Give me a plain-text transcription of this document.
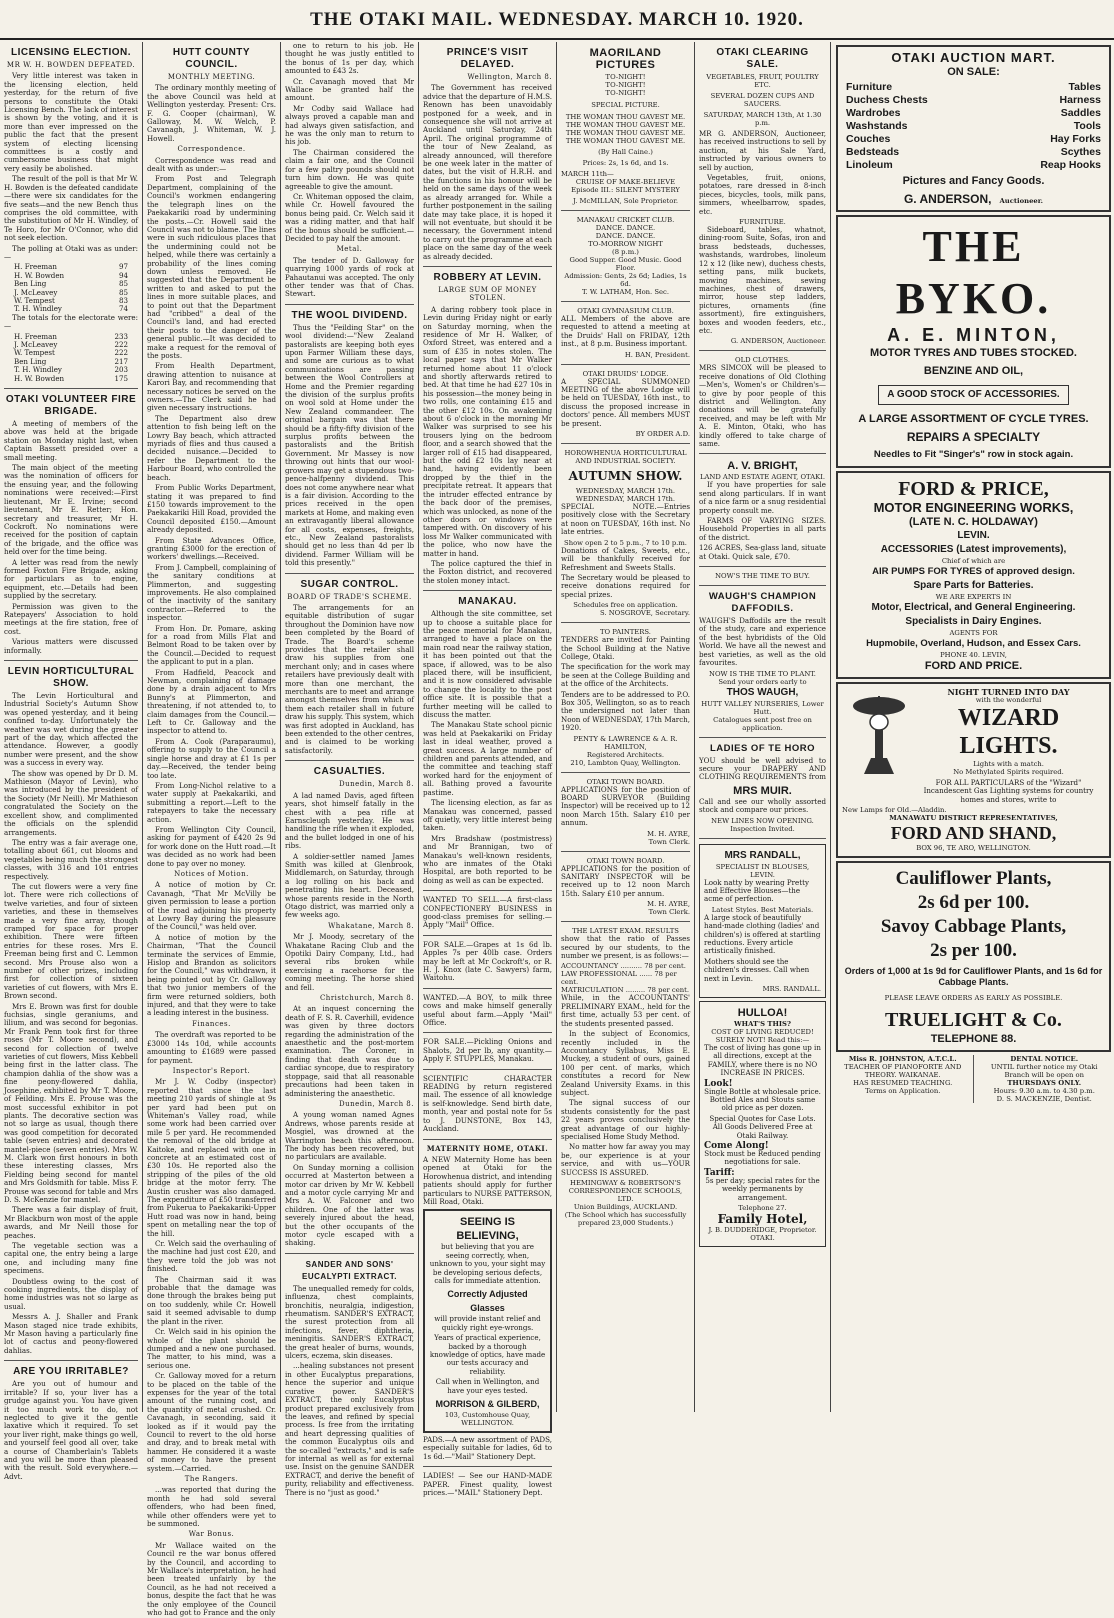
THE OTAKI MAIL. WEDNESDAY. MARCH 10. 1920.
LICENSING ELECTION.
MR W. H. BOWDEN DEFEATED.

Very little interest was taken in the licensing election, held yesterday, for the return of five persons to constitute the Otaki Licensing Bench. The lack of interest is shown by the voting, and it is more than ever impressed on the public the fact that the present system of electing licensing committees is a costly and cumbersome business that might very easily be abolished.

The result of the poll is that Mr W. H. Bowden is the defeated candidate—there were six candidates for the five seats—and the new Bench thus comprises the old committee, with the substitution of Mr H. Windley, of Te Horo, for Mr O'Connor, who did not seek election.

The polling at Otaki was as under:—

H. Freeman	97
H. W. Bowden	94
Ben Ling	85
J. McLeavey	85
W. Tempest	83
T. H. Windley	74

The totals for the electorate were:—

H. Freeman	233
J. McLeavey	222
W. Tempest	222
Ben Ling	217
T. H. Windley	203
H. W. Bowden	175
OTAKI VOLUNTEER FIRE BRIGADE.

A meeting of members of the above was held at the brigade station on Monday night last, when Captain Bassett presided over a small meeting.

The main object of the meeting was the nomination of officers for the ensuing year, and the following nominations were received:—First lieutenant, Mr E. Irvine; second lieutenant, Mr E. Retter; Hon. secretary and treasurer, Mr H. Cockroft. No nominations were received for the position of captain of the brigade, and the office was held over for the time being.

A letter was read from the newly formed Foxton Fire Brigade, asking for particulars as to engine, equipment, etc.—Details had been supplied by the secretary.

Permission was given to the Ratepayers' Association to hold meetings at the fire station, free of cost.

Various matters were discussed informally.

LEVIN HORTICULTURAL SHOW.

The Levin Horticultural and Industrial Society's Autumn Show was opened yesterday, and it being confined to-day. Unfortunately the weather was wet during the greater part of the day, which affected the attendance. However, a goodly number were present, and the show was a success in every way.

The show was opened by Dr D. M. Mathieson (Mayor of Levin), who was introduced by the president of the Society (Mr Neill). Mr Mathieson congratulated the Society on the excellent show, and complimented the officials on the splendid arrangements.

The entry was a fair average one, totalling about 661, cut blooms and vegetables being much the strongest classes, with 316 and 101 entries respectively.

The cut flowers were a very fine lot. There were rich collections of twelve varieties, and four of sixteen varieties, and these in themselves made a very fine array, though cramped for space for proper exhibition. There were fifteen entries for these roses. Mrs E. Freeman being first and C. Lemmon second. Mrs Prouse also won a number of other prizes, including first for collection of sixteen varieties of cut flowers, with Mrs E. Brown second.

Mrs E. Brown was first for double fuchsias, single geraniums, and lilium, and was second for begonias. Mr Frank Penn took first for three roses (Mr T. Moore second), and second for collection of twelve varieties of cut flowers, Miss Kebbell being first in the latter class. The champion dahlia of the show was a fine peony-flowered dahlia, Josephine, exhibited by Mr T. Moore, of Feilding. Mrs E. Prouse was the most successful exhibitor in pot plants. The decorative section was not so large as usual, though there was good competition for decorated table (seven entries) and decorated mantel-piece (seven entries). Mrs W. M. Clark won first honours in both these interesting classes, Mrs Fielding being second for mantel and Mrs Goldsmith for table. Miss F. Prouse was second for table and Mrs D. S. McKenzie for mantel.

There was a fair display of fruit, Mr Blackburn won most of the apple awards, and Mr Neill those for peaches.

The vegetable section was a capital one, the entry being a large one, and including many fine specimens.

Doubtless owing to the cost of cooking ingredients, the display of home industries was not so large as usual.

Messrs A. J. Shaller and Frank Mason staged nice trade exhibits, Mr Mason having a particularly fine lot of cactus and peony-flowered dahlias.

ARE YOU IRRITABLE?

Are you out of humour and irritable? If so, your liver has a grudge against you. You have given it too much work to do, not neglected to give it the gentle laxative which it required. To set your liver right, make things go well, and yourself feel good all over, take a course of Chamberlain's Tablets and you will be more than pleased with the result. Sold everywhere.—Advt.

HUTT COUNTY COUNCIL.
MONTHLY MEETING.

The ordinary monthly meeting of the above Council was held at Wellington yesterday. Present: Crs. F. G. Cooper (chairman), W. Galloway, M. W. Welch, P. Cavanagh, J. Whiteman, W. J. Howell.

Correspondence.

Correspondence was read and dealt with as under:—

From Post and Telegraph Department, complaining of the Council's workmen endangering the telegraph lines on the Paekakariki road by undermining the posts.—Cr. Howell said the Council was not to blame. The lines were in such ridiculous places that the undermining could not be helped, while there was certainly a probability of the lines coming down unless removed. He suggested that the Department be written to and asked to put the lines in more suitable places, and to point out that the Department had "cribbed" a deal of the Council's land, and had erected their posts to the danger of the general public.—It was decided to make a request for the removal of the posts.

From Health Department, drawing attention to nuisance at Karori Bay, and recommending that necessary notices be served on the owners.—The Clerk said he had given necessary instructions.

The Department also drew attention to fish being left on the Lowry Bay beach, which attracted myriads of flies and thus caused a decided nuisance.—Decided to refer the Department to the Harbour Board, who controlled the beach.

From Public Works Department, stating it was prepared to find £150 towards improvement to the Paekakariki Hill Road, provided the Council deposited £150.—Amount already deposited.

From State Advances Office, granting £3000 for the erection of workers' dwellings.—Received.

From J. Campbell, complaining of the sanitary conditions at Plimmerton, and suggesting improvements. He also complained of the inactivity of the sanitary contractor.—Referred to the inspector.

From Hon. Dr. Pomare, asking for a road from Mills Flat and Belmont Road to be taken over by the Council.—Decided to request the applicant to put in a plan.

From Hadfield, Peacock and Newman, complaining of damage done by a drain adjacent to Mrs Bunny's at Plimmerton, and threatening, if not attended to, to claim damages from the Council.—Left to Cr. Galloway and the inspector to attend to.

From A. Cook (Paraparaumu), offering to supply to the Council a single horse and dray at £1 1s per day.—Received, the tender being too late.

From Long-Nichol relative to a water supply at Paekakariki, and submitting a report.—Left to the ratepayers to take the necessary action.

From Wellington City Council, asking for payment of £420 2s 9d for work done on the Hutt road.—It was decided as no work had been done to pay over no money.

Notices of Motion.

A notice of motion by Cr. Cavanagh, "That Mr McVilly be given permission to lease a portion of the road adjoining his property at Lowry Bay during the pleasure of the Council," was held over.

A notice of motion by the Chairman, "That the Council terminate the services of Emmie, Hislop and Brandon as solicitors for the Council," was withdrawn, it being pointed out by Cr. Galloway that two junior members of the firm were returned soldiers, both injured, and that they were to take a leading interest in the business.

Finances.

The overdraft was reported to be £3000 14s 10d, while accounts amounting to £1689 were passed for payment.

Inspector's Report.

Mr J. W. Codby (inspector) reported that since the last meeting 210 yards of shingle at 9s per yard had been put on Whiteman's Valley road, while some work had been carried over mile 5 per yard. He recommended the removal of the old bridge at Kaitoke, and replaced with one in concrete at an estimated cost of £30 10s. He reported also the stripping of the piles of the old bridge at the motor ferry. The Austin crusher was also damaged. The expenditure of £50 transferred from Pukerua to Paekakariki-Upper Hutt road was now in hand, being spent on metalling near the top of the hill.

Cr. Welch said the overhauling of the machine had just cost £20, and they were told the job was not finished.

The Chairman said it was probable that the damage was done through the brakes being put on too suddenly, while Cr. Howell said it seemed advisable to dump the plant in the river.

Cr. Welch said in his opinion the whole of the plant should be dumped and a new one purchased. The matter, to his mind, was a serious one.

Cr. Galloway moved for a return to be placed on the table of the expenses for the year of the total amount of the running cost, and the quantity of metal crushed. Cr. Cavanagh, in seconding, said it looked as if it would pay the Council to revert to the old horse and dray, and to break metal with hammer. He considered it a waste of money to have the present system.—Carried.

The Rangers.

...was reported that during the month he had sold several offenders, who had been fined, while other offenders were yet to be summoned.

War Bonus.

Mr Wallace waited on the Council re the war bonus offered by the Council, and according to Mr Wallace's interpretation, he had been treated unfairly by the Council, as he had not received a bonus, despite the fact that he was the only employee of the Council who had got to France and the only

one to return to his job. He thought he was justly entitled to the bonus of 1s per day, which amounted to £43 2s.

Cr. Cavanagh moved that Mr Wallace be granted half the amount.

Mr Codby said Wallace had always proved a capable man and had always given satisfaction, and he was the only man to return to his job.

The Chairman considered the claim a fair one, and the Council for a few paltry pounds should not turn him down. He was quite agreeable to give the amount.

Cr. Whiteman opposed the claim, while Cr. Howell favoured the bonus being paid. Cr. Welch said it was a riding matter, and that half of the bonus should be sufficient.—Decided to pay half the amount.

Metal.

The tender of D. Galloway for quarrying 1000 yards of rock at Pahautanui was accepted. The only other tender was that of Chas. Stewart.

THE WOOL DIVIDEND.

Thus the "Feilding Star" on the wool dividend:—"New Zealand pastoralists are keeping both eyes upon Farmer William these days, and some are curious as to what communications are passing between the Wool Controllers at Home and the Premier regarding the division of the surplus profits on wool sold at Home under the New Zealand commandeer. The original bargain was that there should be a fifty-fifty division of the surplus profits between the pastoralists and the British Government. Mr Massey is now throwing out hints that our wool-growers may get a stupendous two-pence-halfpenny dividend. This does not come anywhere near what is a fair division. According to the prices received in the open markets at Home, and making even an extravagantly liberal allowance for all costs, expenses, freights, etc., New Zealand pastoralists should get no less than 4d per lb dividend. Farmer William will be told this presently."

SUGAR CONTROL.
BOARD OF TRADE'S SCHEME.

The arrangements for an equitable distribution of sugar throughout the Dominion have now been completed by the Board of Trade. The Board's scheme provides that the retailer shall draw his supplies from one merchant only; and in cases where retailers have previously dealt with more than one merchant, the merchants are to meet and arrange amongst themselves from which of them each retailer shall in future draw his supply. This system, which was first adopted in Auckland, has been extended to the other centres, and is claimed to be working satisfactorily.

CASUALTIES.
Dunedin, March 8.

A lad named Davis, aged fifteen years, shot himself fatally in the chest with a pea rifle at Earnscleugh yesterday. He was handling the rifle when it exploded, and the bullet lodged in one of his ribs.

A soldier-settler named James Smith was killed at Glenbrook, Middlemarch, on Saturday, through a log rolling on his back and penetrating his heart. Deceased, whose parents reside in the North Otago district, was married only a few weeks ago.

Whakatane, March 8.

Mr J. Moody, secretary of the Whakatane Racing Club and the Opotiki Dairy Company, Ltd., had several ribs broken while exercising a racehorse for the coming meeting. The horse shied and fell.

Christchurch, March 8.

At an inquest concerning the death of F. S. R. Caverhill, evidence was given by three doctors regarding the administration of the anaesthetic and the post-mortem examination. The Coroner, in finding that death was due to cardiac syncope, due to respiratory stoppage, said that all reasonable precautions had been taken in administering the anaesthetic.

Dunedin, March 8.

A young woman named Agnes Andrews, whose parents reside at Mosgiel, was drowned at the Warrington beach this afternoon. The body has been recovered, but no particulars are available.

On Sunday morning a collision occurred at Masterton between a motor car driven by Mr W. Kebbell and a motor cycle carrying Mr and Mrs A. W. Falconer and two children. One of the latter was severely injured about the head, but the other occupants of the motor cycle escaped with a shaking.

SANDER AND SONS' EUCALYPTI EXTRACT.

The unequalled remedy for colds, influenza, chest complaints, bronchitis, neuralgia, indigestion, rheumatism. SANDER'S EXTRACT, the surest protection from all infections, fever, diphtheria, meningitis. SANDER'S EXTRACT, the great healer of burns, wounds, ulcers, eczema, skin diseases.

...healing substances not present in other Eucalyptus preparations, hence the superior and unique curative power. SANDER'S EXTRACT, the only Eucalyptus product prepared exclusively from the leaves, and refined by special process. Is free from the irritating and heart depressing qualities of the common Eucalyptus oils and the so-called "extracts," and is safe for internal as well as for external use. Insist on the genuine SANDER EXTRACT, and derive the benefit of purity, reliability and effectiveness. There is no "just as good."

PRINCE'S VISIT DELAYED.
Wellington, March 8.

The Government has received advice that the departure of H.M.S. Renown has been unavoidably postponed for a week, and in consequence she will not arrive at Auckland until Saturday, 24th April. The original programme of the tour of New Zealand, as already announced, will therefore be one week later in the matter of dates, but the visit of H.R.H. and the functions in his honour will be held on the same days of the week as already arranged for. While a further postponement in the sailing date may take place, it is hoped it will not eventuate, but should it be necessary, the Government intend to carry out the programme at each place on the same day of the week as already decided.

ROBBERY AT LEVIN.
LARGE SUM OF MONEY STOLEN.

A daring robbery took place in Levin during Friday night or early on Saturday morning, when the residence of Mr H. Walker, of Oxford Street, was entered and a sum of £35 in notes stolen. The local paper says that Mr Walker returned home about 11 o'clock and shortly afterwards retired to bed. At that time he had £27 10s in his possession—the money being in two rolls, one containing £15 and the other £12 10s. On awakening about 6 o'clock in the morning Mr Walker was surprised to see his trousers lying on the bedroom floor, and a search showed that the larger roll of £15 had disappeared, but the odd £2 10s lay near at hand, having evidently been dropped by the thief in the precipitate retreat. It appears that the intruder effected entrance by the back door of the premises, which was unlocked, as none of the other doors or windows were tampered with. On discovery of his loss Mr Walker communicated with the police, who now have the matter in hand.

The police captured the thief in the Foxton district, and recovered the stolen money intact.

MANAKAU.

Although the site committee, set up to choose a suitable place for the peace memorial for Manakau, arranged to have a place on the main road near the railway station, it has been pointed out that the space, if allowed, was to be also placed there, will be insufficient, and it is now considered advisable to change the locality to the post office site. It is possible that a further meeting will be called to discuss the matter.

The Manakau State school picnic was held at Paekakariki on Friday last in ideal weather, proved a great success. A large number of children and parents attended, and the committee and teaching staff worked hard for the enjoyment of all. Bathing proved a favourite pastime.

The licensing election, as far as Manakau was concerned, passed off quietly, very little interest being taken.

Mrs Bradshaw (postmistress) and Mr Brannigan, two of Manakau's well-known residents, who are inmates of the Otaki Hospital, are both reported to be doing as well as can be expected.

WANTED TO SELL.—A first-class CONFECTIONERY BUSINESS in good-class premises for selling.—Apply "Mail" Office.

FOR SALE.—Grapes at 1s 6d lb. Apples 7s per 40lb case. Orders may be left at Mr Cockroft's, or R. H. J. Knox (late C. Sawyers) farm, Waitohu.

WANTED.—A BOY, to milk three cows and make himself generally useful about farm.—Apply "Mail" Office.

FOR SALE.—Pickling Onions and Shalots, 2d per lb, any quantity.—Apply F. STUPPLES, Manakau.

SCIENTIFIC CHARACTER READING by return registered mail. The essence of all knowledge is self-knowledge. Send birth date, month, year and postal note for 5s to J. DUNSTONE, Box 143, Auckland.

MATERNITY HOME, OTAKI.

A NEW Maternity Home has been opened at Otaki for the Horowhenua district, and intending patients should apply for further particulars to NURSE PATTERSON, Mill Road, Otaki.

SEEING IS BELIEVING,

but believing that you are seeing correctly, when, unknown to you, your sight may be developing serious defects, calls for immediate attention.

Correctly Adjusted Glasses

will provide instant relief and quickly right eye-wrongs.

Years of practical experience, backed by a thorough knowledge of optics, have made our tests accuracy and reliability.

Call when in Wellington, and have your eyes tested.

MORRISON & GILBERD,
103, Customhouse Quay,
WELLINGTON.

PADS.—A new assortment of PADS, especially suitable for ladies, 6d to 1s 6d.—"Mail" Stationery Dept.

LADIES! — See our HAND-MADE PAPER. Finest quality, lowest prices.—"MAIL" Stationery Dept.

MAORILAND PICTURES
TO-NIGHT!
TO-NIGHT!
TO-NIGHT!
SPECIAL PICTURE.
THE WOMAN THOU GAVEST ME.
THE WOMAN THOU GAVEST ME.
THE WOMAN THOU GAVEST ME.
THE WOMAN THOU GAVEST ME.
(By Hall Caine.)
Prices: 2s, 1s 6d, and 1s.
MARCH 11th—
CRUISE OF MAKE-BELIEVE
Episode III.: SILENT MYSTERY
J. McMILLAN, Sole Proprietor.
MANAKAU CRICKET CLUB.
DANCE. DANCE.
DANCE. DANCE.
TO-MORROW NIGHT
(8 p.m.)
Good Supper. Good Music. Good Floor.
Admission: Gents, 2s 6d; Ladies, 1s 6d.
T. W. LATHAM, Hon. Sec.
OTAKI GYMNASIUM CLUB.

ALL Members of the above are requested to attend a meeting at the Druids' Hall on FRIDAY, 12th inst., at 8 p.m. Business important.

H. BAN, President.
OTAKI DRUIDS' LODGE.

A SPECIAL SUMMONED MEETING of the above Lodge will be held on TUESDAY, 16th inst., to discuss the proposed increase in doctors' pence. All members MUST be present.

BY ORDER A.D.
HOROWHENUA HORTICULTURAL AND INDUSTRIAL SOCIETY.
AUTUMN SHOW.
WEDNESDAY, MARCH 17th.
WEDNESDAY, MARCH 17th.

SPECIAL NOTE.—Entries positively close with the Secretary at noon on TUESDAY, 16th inst. No late entries.

Show open 2 to 5 p.m., 7 to 10 p.m.

Donations of Cakes, Sweets, etc., will be thankfully received for Refreshment and Sweets Stalls.

The Secretary would be pleased to receive donations required for special prizes.

Schedules free on application.
S. NOSGROVE, Secretary.
TO PAINTERS.

TENDERS are invited for Painting the School Building at the Native College, Otaki.

The specification for the work may be seen at the College Building and at the office of the Architects.

Tenders are to be addressed to P.O. Box 305, Wellington, so as to reach the undersigned not later than Noon of WEDNESDAY, 17th March, 1920.

PENTY & LAWRENCE & A. R. HAMILTON,
Registered Architects.
210, Lambton Quay, Wellington.
OTAKI TOWN BOARD.

APPLICATIONS for the position of BOARD SURVEYOR (Building Inspector) will be received up to 12 noon March 15th. Salary £10 per annum.

M. H. AYRE,
Town Clerk.
OTAKI TOWN BOARD.

APPLICATIONS for the position of SANITARY INSPECTOR will be received up to 12 noon March 15th. Salary £10 per annum.

M. H. AYRE,
Town Clerk.
THE LATEST EXAM. RESULTS

show that the ratio of Passes secured by our students, to the number we present, is as follows:—

ACCOUNTANCY .......... 78 per cent.
LAW PROFESSIONAL ...... 78 per cent.
MATRICULATION ......... 78 per cent.

While, in the ACCOUNTANTS' PRELIMINARY EXAM., held for the first time, actually 53 per cent. of the students presented passed.

In the subject of Economics, recently included in the Accountancy Syllabus, Miss E. Muckey, a student of ours, gained 100 per cent. of marks, which constitutes a record for New Zealand University Exams. in this subject.

The signal success of our students consistently for the past 22 years proves conclusively the great advantage of our highly-specialised Home Study Method.

No matter how far away you may be, our experience is at your service, and with us—YOUR SUCCESS IS ASSURED.

HEMINGWAY & ROBERTSON'S CORRESPONDENCE SCHOOLS, LTD.
Union Buildings, AUCKLAND.
(The School which has successfully prepared 23,000 Students.)
OTAKI CLEARING SALE.
VEGETABLES, FRUIT, POULTRY ETC.
SEVERAL DOZEN CUPS AND SAUCERS.
SATURDAY, MARCH 13th, At 1.30 p.m.

MR G. ANDERSON, Auctioneer, has received instructions to sell by auction, at his Sale Yard, instructed by various owners to sell by auction,

Vegetables, fruit, onions, potatoes, rare dressed in 8-inch pieces, bicycles, tools, milk pans, simmers, wheelbarrow, spades, etc.

FURNITURE.

Sideboard, tables, whatnot, dining-room Suite, Sofas, iron and brass bedsteads, duchesses, washstands, wardrobes, linoleum 12 x 12 (like new), duchess chests, setting pans, milk buckets, mowing machines, sewing machines, chest of drawers, mirror, house step ladders, pictures, ornaments (fine assortment), fire extinguishers, boxes and wooden feeders, etc., etc.

G. ANDERSON, Auctioneer.
OLD CLOTHES.

MRS SIMCOX will be pleased to receive donations of Old Clothing—Men's, Women's or Children's—to give by poor people of this district and Wellington. Any donations will be gratefully received, and may be left with Mr A. E. Minton, Otaki, who has kindly offered to take charge of same.

A. V. BRIGHT,
LAND AND ESTATE AGENT, OTAKI.

If you have properties for sale send along particulars. If in want of a nice farm or a snug residential property consult me.

FARMS OF VARYING SIZES. Household Properties in all parts of the district.

126 ACRES, Sea-glass land, situate at Otaki. Quick sale, £70.

NOW'S THE TIME TO BUY.
WAUGH'S CHAMPION DAFFODILS.

WAUGH'S Daffodils are the result of the study, care and experience of the best hybridists of the Old World. We have all the newest and best varieties, as well as the old favourites.

NOW IS THE TIME TO PLANT.
Send your orders early to
THOS WAUGH,
HUTT VALLEY NURSERIES, Lower Hutt.
Catalogues sent post free on application.
LADIES OF TE HORO

YOU should be well advised to secure your DRAPERY AND CLOTHING REQUIREMENTS from

MRS MUIR.

Call and see our wholly assorted stock and compare our prices.

NEW LINES NOW OPENING.
Inspection Invited.
MRS RANDALL,
SPECIALIST IN BLOUSES, LEVIN.

Look natty by wearing Pretty and Effective Blouses—the acme of perfection.

Latest Styles. Best Materials.

A large stock of beautifully hand-made clothing (ladies' and children's) is offered at startling reductions. Every article artistically finished.

Mothers should see the children's dresses. Call when next in Levin.

MRS. RANDALL.
HULLOA!
WHAT'S THIS?
COST OF LIVING REDUCED! SURELY NOT! Read this:—

The cost of living has gone up in all directions, except at the FAMILY, where there is no NO INCREASE IN PRICES.

Look!

Single Bottle at wholesale price. Bottled Ales and Stouts same old price as per dozen.

Special Quotes for Case Lots. All Goods Delivered Free at Otaki Railway.

Come Along!

Stock must be Reduced pending negotiations for sale.

Tariff:

5s per day; special rates for the weekly permanents by arrangement.

Telephone 27.
Family Hotel,
J. B. DUDDERIDGE, Proprietor.
OTAKI.
OTAKI AUCTION MART.
ON SALE:
Furniture	Tables
Duchess Chests	Harness
Wardrobes	Saddles
Washstands	Tools
Couches	Hay Forks
Bedsteads	Scythes
Linoleum	Reap Hooks
Pictures and Fancy Goods.
G. ANDERSON, Auctioneer.
THE BYKO.
A. E. MINTON,
MOTOR TYRES AND TUBES STOCKED.
BENZINE AND OIL,
A GOOD STOCK OF ACCESSORIES.
A LARGE ASSORTMENT OF CYCLE TYRES.
REPAIRS A SPECIALTY
Needles to Fit "Singer's" row in stock again.
FORD & PRICE,
MOTOR ENGINEERING WORKS,
(LATE N. C. HOLDAWAY)
LEVIN.
ACCESSORIES (Latest improvements),
Chief of which are
AIR PUMPS FOR TYRES of approved design.
Spare Parts for Batteries.
WE ARE EXPERTS IN
Motor, Electrical, and General Engineering.
Specialists in Dairy Engines.
AGENTS FOR
Hupmobile, Overland, Hudson, and Essex Cars.
PHONE 40. LEVIN,
FORD AND PRICE.
NIGHT TURNED INTO DAY
with the wonderful
WIZARD
LIGHTS.
Lights with a match.
No Methylated Spirits required.

FOR ALL PARTICULARS of the "Wizard" Incandescent Gas Lighting systems for country homes and stores, write to

New Lamps for Old.—Aladdin.
MANAWATU DISTRICT REPRESENTATIVES,
FORD AND SHAND,
BOX 96, TE ARO, WELLINGTON.
Cauliflower Plants,
2s 6d per 100.
Savoy Cabbage Plants,
2s per 100.
Orders of 1,000 at 1s 9d for Cauliflower Plants, and 1s 6d for Cabbage Plants.
PLEASE LEAVE ORDERS AS EARLY AS POSSIBLE.
TRUELIGHT & Co.
TELEPHONE 88.
Miss R. JOHNSTON, A.T.C.L.
TEACHER OF PIANOFORTE AND THEORY. WAIKANAE.
HAS RESUMED TEACHING.
Terms on Application.
DENTAL NOTICE.
UNTIL further notice my Otaki Branch will be open on
THURSDAYS ONLY.
Hours: 9.30 a.m. to 4.30 p.m.
D. S. MACKENZIE, Dentist.
